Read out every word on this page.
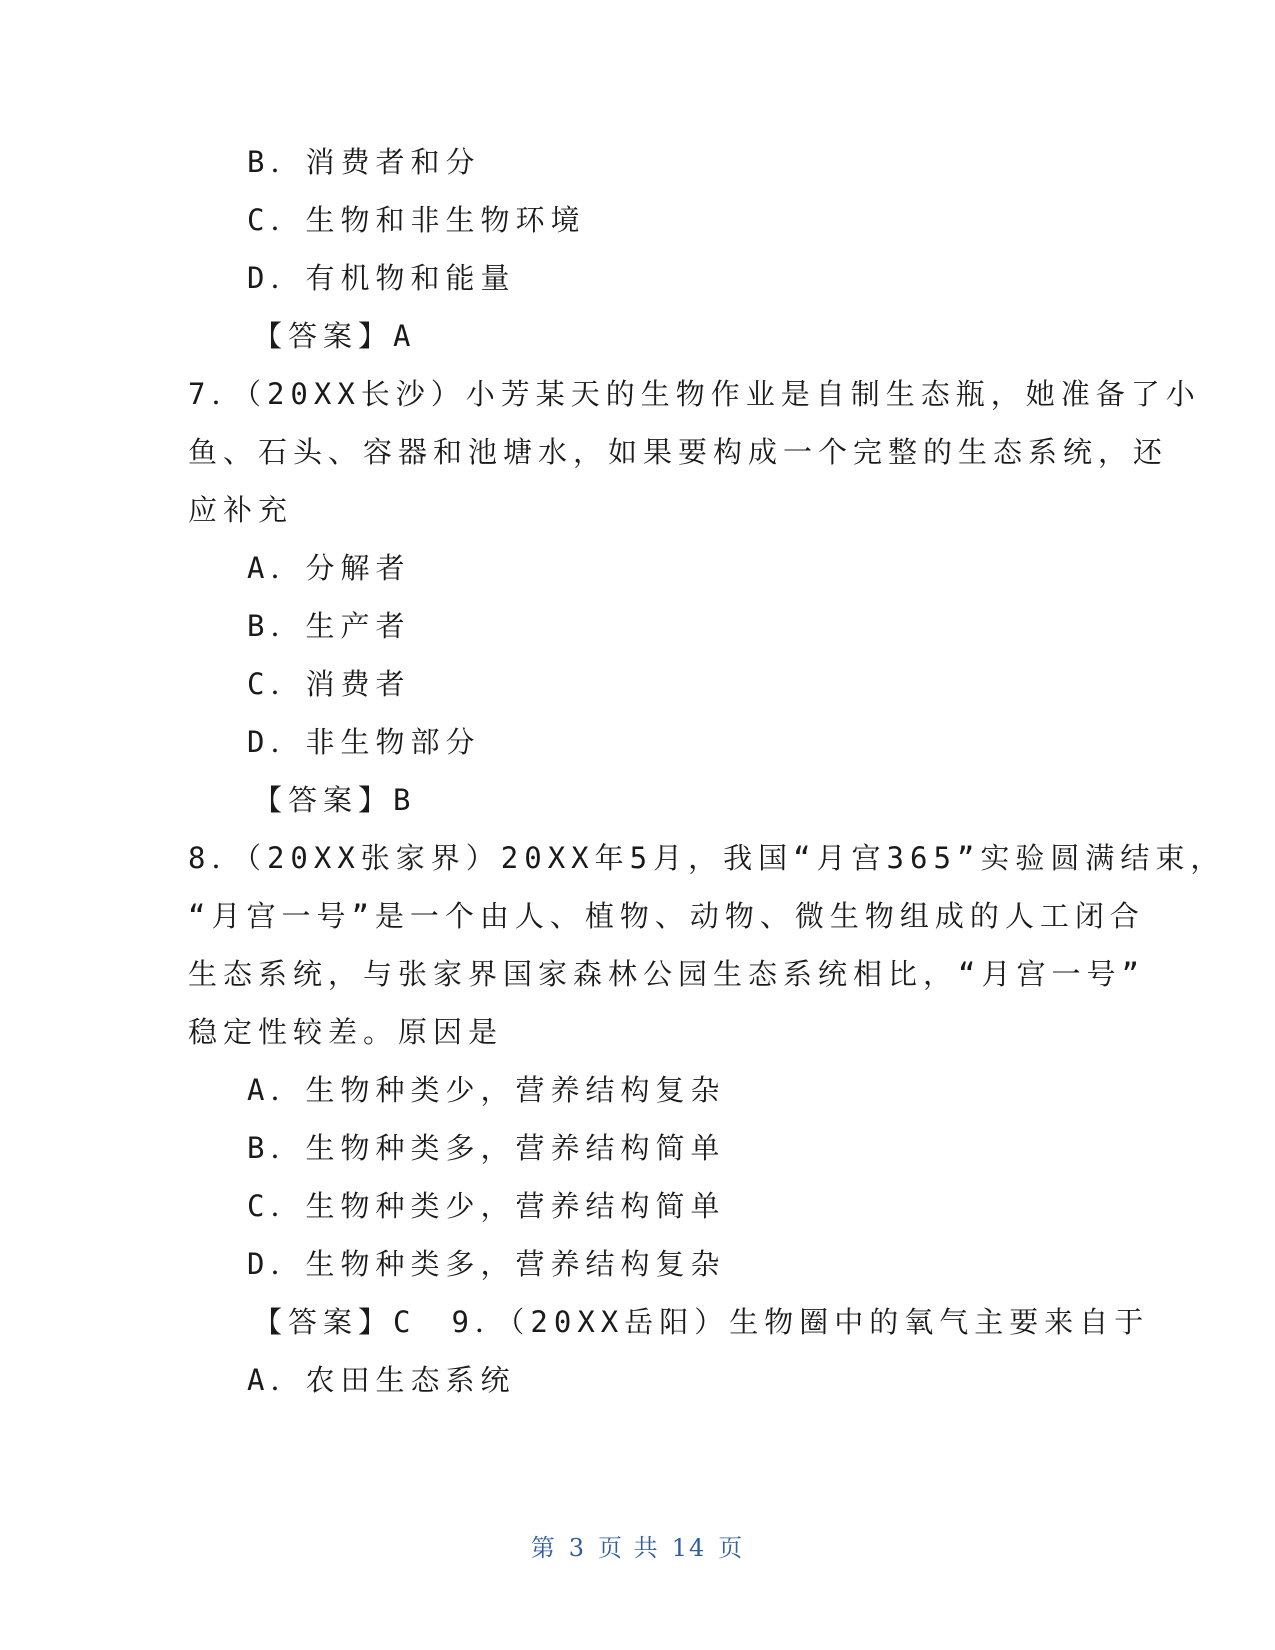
B．消费者和分
C．生物和非生物环境
D．有机物和能量
【答案】A
7．（20XX长沙）小芳某天的生物作业是自制生态瓶，她准备了小
鱼、石头、容器和池塘水，如果要构成一个完整的生态系统，还
应补充
A．分解者
B．生产者
C．消费者
D．非生物部分
【答案】B
8．（20XX张家界）20XX年5月，我国“月宫365”实验圆满结束，
“月宫一号”是一个由人、植物、动物、微生物组成的人工闭合
生态系统，与张家界国家森林公园生态系统相比，“月宫一号”
稳定性较差。原因是
A．生物种类少，营养结构复杂
B．生物种类多，营养结构简单
C．生物种类少，营养结构简单
D．生物种类多，营养结构复杂
【答案】C　9．（20XX岳阳）生物圈中的氧气主要来自于
A．农田生态系统
第 3 页 共 14 页
